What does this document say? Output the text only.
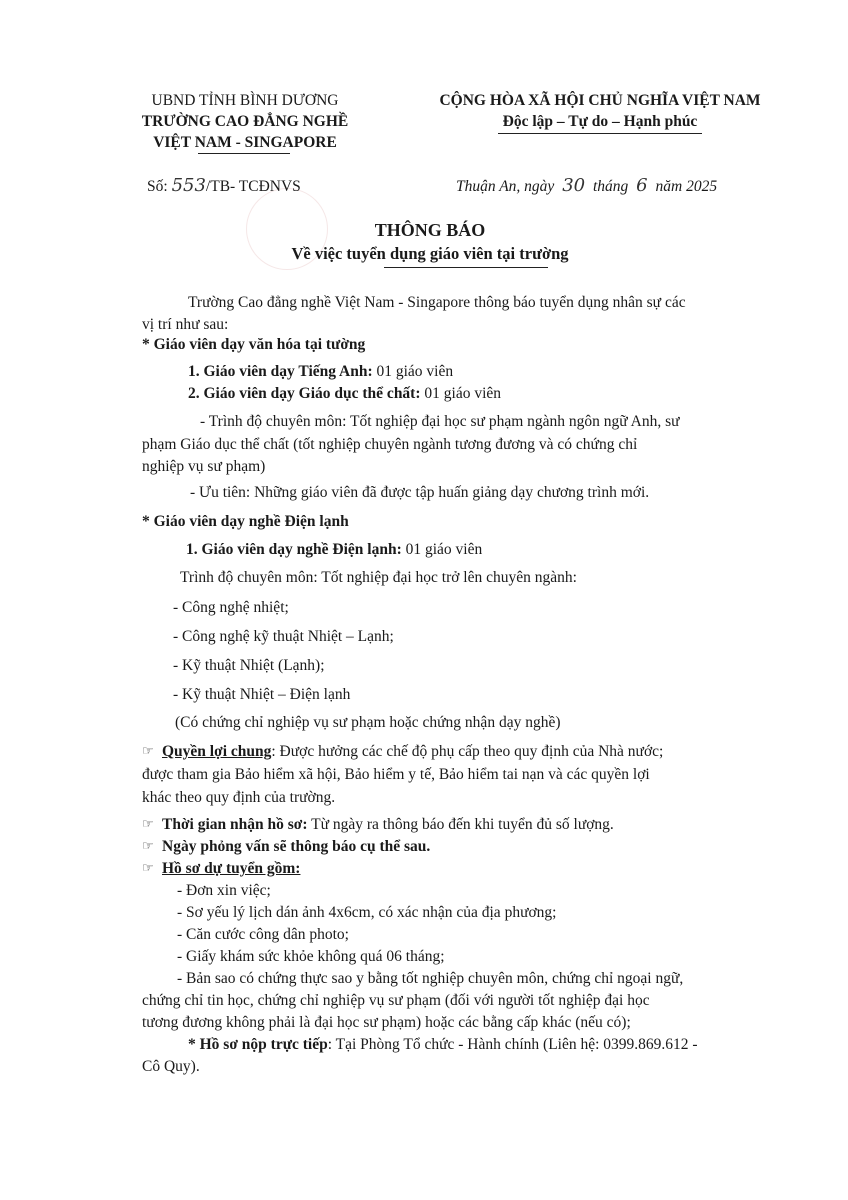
UBND TỈNH BÌNH DƯƠNG
TRƯỜNG CAO ĐẲNG NGHỀ
VIỆT NAM - SINGAPORE
Số: 553/TB- TCĐNVS
CỘNG HÒA XÃ HỘI CHỦ NGHĨA VIỆT NAM
Độc lập – Tự do – Hạnh phúc
Thuận An, ngày 30 tháng 6 năm 2025
THÔNG BÁO
Về việc tuyển dụng giáo viên tại trường
Trường Cao đẳng nghề Việt Nam - Singapore thông báo tuyển dụng nhân sự các
vị trí như sau:
* Giáo viên dạy văn hóa tại tường
1. Giáo viên dạy Tiếng Anh: 01 giáo viên
2. Giáo viên dạy Giáo dục thể chất: 01 giáo viên
- Trình độ chuyên môn: Tốt nghiệp đại học sư phạm ngành ngôn ngữ Anh, sư
phạm Giáo dục thể chất (tốt nghiệp chuyên ngành tương đương và có chứng chỉ
nghiệp vụ sư phạm)
- Ưu tiên: Những giáo viên đã được tập huấn giảng dạy chương trình mới.
* Giáo viên dạy nghề Điện lạnh
1. Giáo viên dạy nghề Điện lạnh: 01 giáo viên
Trình độ chuyên môn: Tốt nghiệp đại học trở lên chuyên ngành:
- Công nghệ nhiệt;
- Công nghệ kỹ thuật Nhiệt – Lạnh;
- Kỹ thuật Nhiệt (Lạnh);
- Kỹ thuật Nhiệt – Điện lạnh
(Có chứng chỉ nghiệp vụ sư phạm hoặc chứng nhận dạy nghề)
☞ Quyền lợi chung: Được hưởng các chế độ phụ cấp theo quy định của Nhà nước;
được tham gia Bảo hiểm xã hội, Bảo hiểm y tế, Bảo hiểm tai nạn và các quyền lợi
khác theo quy định của trường.
☞ Thời gian nhận hồ sơ: Từ ngày ra thông báo đến khi tuyển đủ số lượng.
☞ Ngày phỏng vấn sẽ thông báo cụ thể sau.
☞ Hồ sơ dự tuyển gồm:
- Đơn xin việc;
- Sơ yếu lý lịch dán ảnh 4x6cm, có xác nhận của địa phương;
- Căn cước công dân photo;
- Giấy khám sức khỏe không quá 06 tháng;
- Bản sao có chứng thực sao y bằng tốt nghiệp chuyên môn, chứng chỉ ngoại ngữ,
chứng chỉ tin học, chứng chỉ nghiệp vụ sư phạm (đối với người tốt nghiệp đại học
tương đương không phải là đại học sư phạm) hoặc các bằng cấp khác (nếu có);
* Hồ sơ nộp trực tiếp: Tại Phòng Tổ chức - Hành chính (Liên hệ: 0399.869.612 -
Cô Quy).
